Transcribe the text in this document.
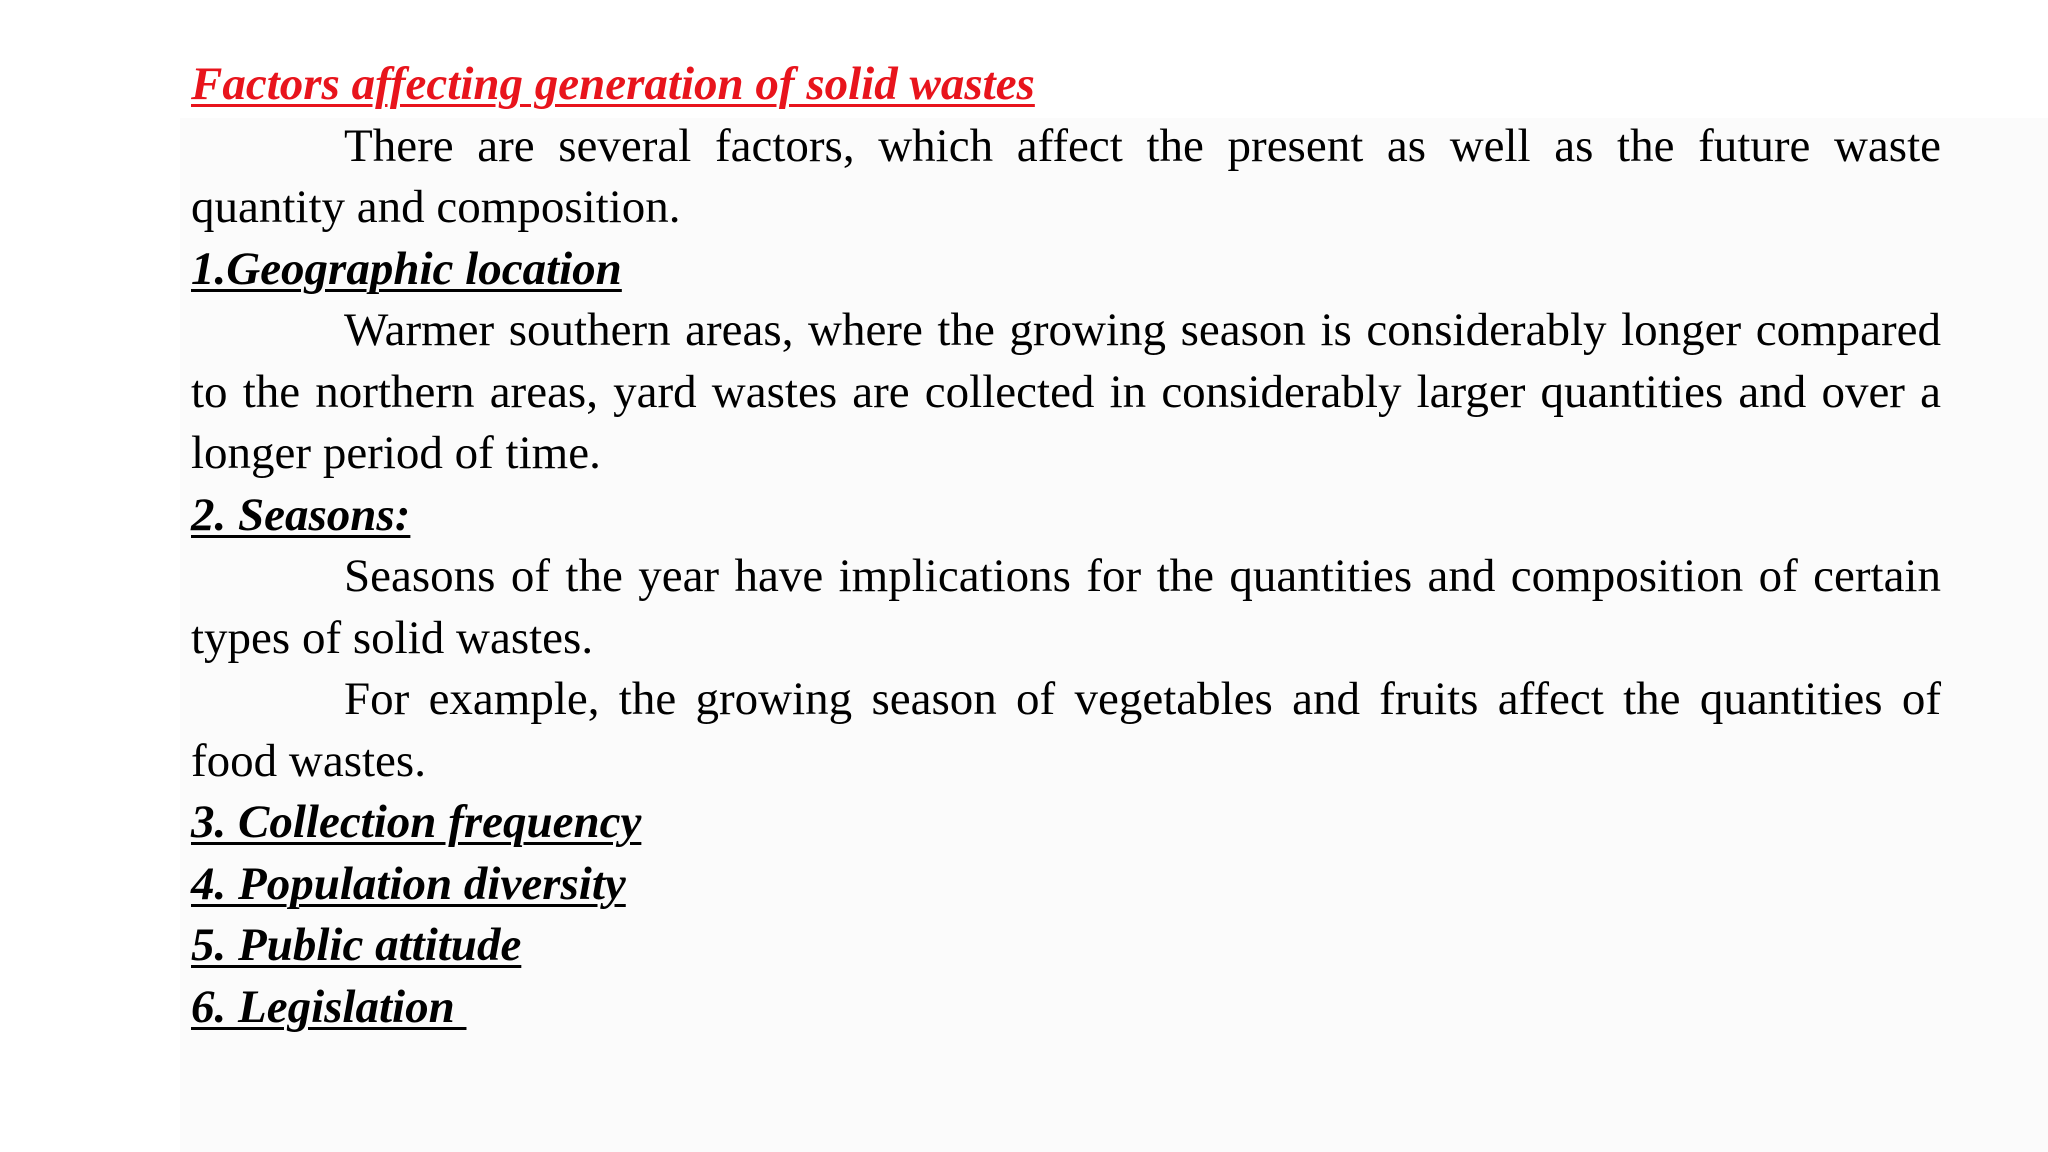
Factors affecting generation of solid wastes

There are several factors, which affect the present as well as the future waste quantity and composition.

1.Geographic location

Warmer southern areas, where the growing season is considerably longer compared to the northern areas, yard wastes are collected in considerably larger quantities and over a longer period of time.

2. Seasons:

Seasons of the year have implications for the quantities and composition of certain types of solid wastes.

For example, the growing season of vegetables and fruits affect the quantities of food wastes.

3. Collection frequency

4. Population diversity

5. Public attitude

6. Legislation
